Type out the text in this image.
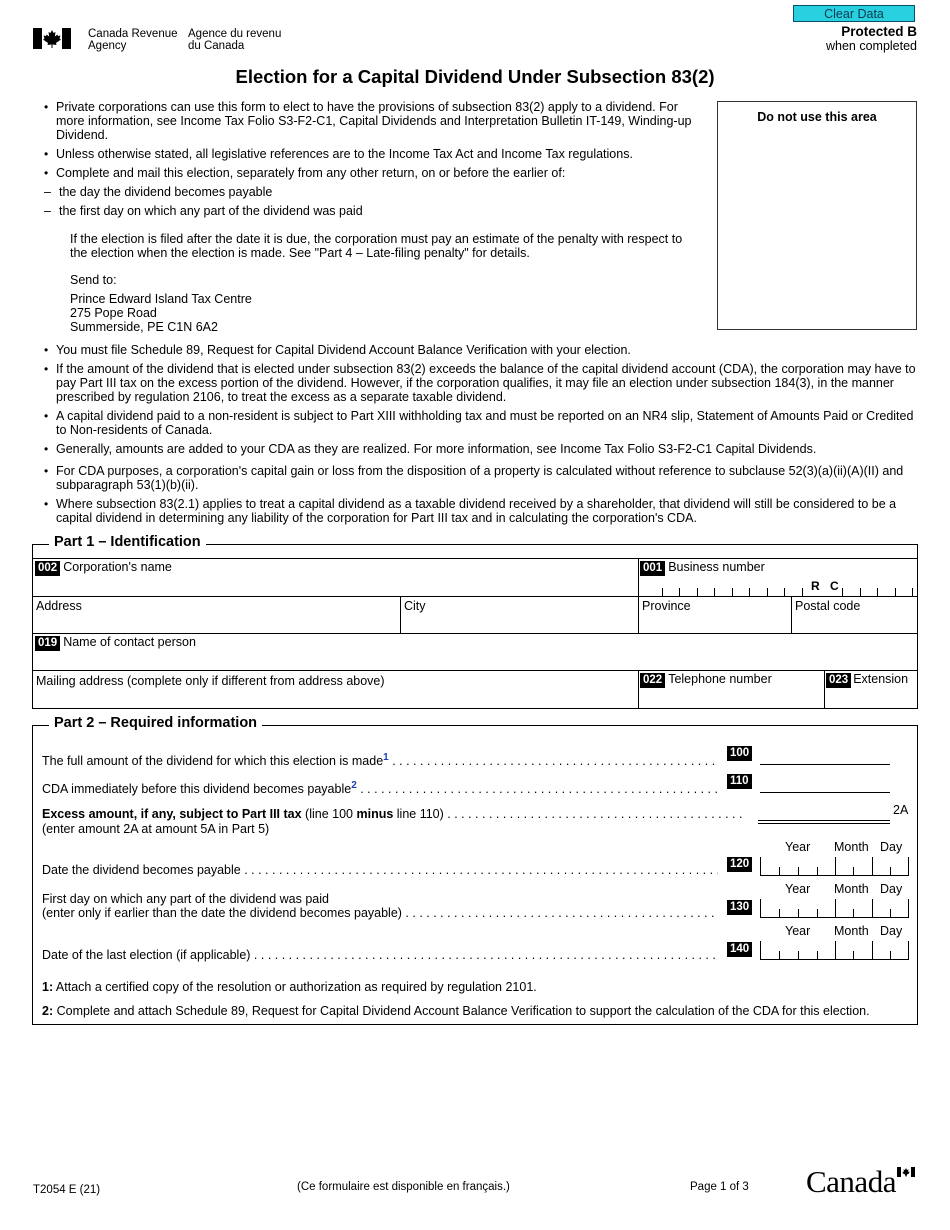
Canada Revenue
Agency
Agence du revenu
du Canada
Clear Data
Protected B
when completed
Election for a Capital Dividend Under Subsection 83(2)
• Private corporations can use this form to elect to have the provisions of subsection 83(2) apply to a dividend. For more information, see Income Tax Folio S3-F2-C1, Capital Dividends and Interpretation Bulletin IT-149, Winding-up Dividend.
• Unless otherwise stated, all legislative references are to the Income Tax Act and Income Tax regulations.
• Complete and mail this election, separately from any other return, on or before the earlier of:
– the day the dividend becomes payable
– the first day on which any part of the dividend was paid
If the election is filed after the date it is due, the corporation must pay an estimate of the penalty with respect to the election when the election is made. See "Part 4 – Late-filing penalty" for details.
Send to:
Prince Edward Island Tax Centre
275 Pope Road
Summerside, PE C1N 6A2
Do not use this area
• You must file Schedule 89, Request for Capital Dividend Account Balance Verification with your election.
• If the amount of the dividend that is elected under subsection 83(2) exceeds the balance of the capital dividend account (CDA), the corporation may have to pay Part III tax on the excess portion of the dividend. However, if the corporation qualifies, it may file an election under subsection 184(3), in the manner prescribed by regulation 2106, to treat the excess as a separate taxable dividend.
• A capital dividend paid to a non-resident is subject to Part XIII withholding tax and must be reported on an NR4 slip, Statement of Amounts Paid or Credited to Non-residents of Canada.
• Generally, amounts are added to your CDA as they are realized. For more information, see Income Tax Folio S3-F2-C1 Capital Dividends.
• For CDA purposes, a corporation's capital gain or loss from the disposition of a property is calculated without reference to subclause 52(3)(a)(ii)(A)(II) and subparagraph 53(1)(b)(ii).
• Where subsection 83(2.1) applies to treat a capital dividend as a taxable dividend received by a shareholder, that dividend will still be considered to be a capital dividend in determining any liability of the corporation for Part III tax and in calculating the corporation's CDA.
Part 1 – Identification
002 Corporation's name	001 Business number
R C
Address	City	Province	Postal code
019 Name of contact person
Mailing address (complete only if different from address above)	022 Telephone number	023 Extension
Part 2 – Required information
The full amount of the dividend for which this election is made$^1$ . . .	100
CDA immediately before this dividend becomes payable$^2$ . . .	110
Excess amount, if any, subject to Part III tax (line 100 minus line 110) . . .
(enter amount 2A at amount 5A in Part 5)
2A
Year Month Day
Date the dividend becomes payable . . .	120
Year Month Day
First day on which any part of the dividend was paid
(enter only if earlier than the date the dividend becomes payable) . . .	130
Year Month Day
Date of the last election (if applicable) . . .	140
1: Attach a certified copy of the resolution or authorization as required by regulation 2101.
2: Complete and attach Schedule 89, Request for Capital Dividend Account Balance Verification to support the calculation of the CDA for this election.
T2054 E (21)	(Ce formulaire est disponible en français.)	Page 1 of 3 Canada
